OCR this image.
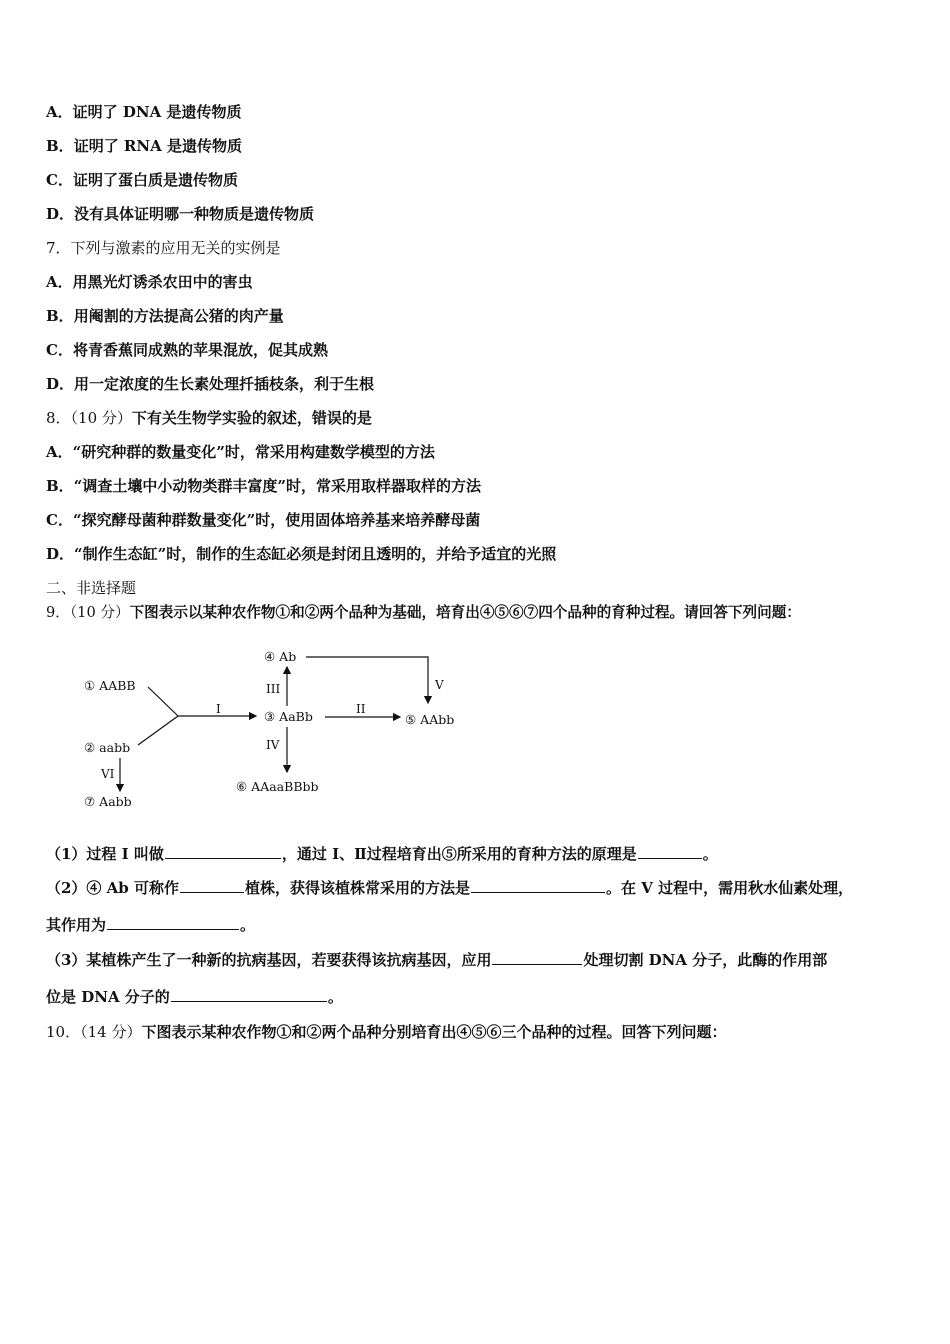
A．证明了 DNA 是遗传物质
B．证明了 RNA 是遗传物质
C．证明了蛋白质是遗传物质
D．没有具体证明哪一种物质是遗传物质
7．下列与激素的应用无关的实例是
A．用黑光灯诱杀农田中的害虫
B．用阉割的方法提高公猪的肉产量
C．将青香蕉同成熟的苹果混放，促其成熟
D．用一定浓度的生长素处理扦插枝条，利于生根
8．（10 分）下有关生物学实验的叙述，错误的是
A．“研究种群的数量变化”时，常采用构建数学模型的方法
B．“调查土壤中小动物类群丰富度”时，常采用取样器取样的方法
C．“探究酵母菌种群数量变化”时，使用固体培养基来培养酵母菌
D．“制作生态缸”时，制作的生态缸必须是封闭且透明的，并给予适宜的光照
二、非选择题
9．（10 分）下图表示以某种农作物①和②两个品种为基础，培育出④⑤⑥⑦四个品种的育种过程。请回答下列问题：
① AABB
② aabb
③ AaBb
④ Ab
⑤ AAbb
⑥ AAaaBBbb
⑦ Aabb
I	II
III
IV
V
VI
（1）过程 I 叫做	，通过 I、Ⅱ过程培育出⑤所采用的育种方法的原理是	。
（2）④ Ab 可称作	植株，获得该植株常采用的方法是	。在 V 过程中，需用秋水仙素处理，
其作用为	。
（3）某植株产生了一种新的抗病基因，若要获得该抗病基因，应用	处理切割 DNA 分子，此酶的作用部
位是 DNA 分子的	。
10．（14 分）下图表示某种农作物①和②两个品种分别培育出④⑤⑥三个品种的过程。回答下列问题：
